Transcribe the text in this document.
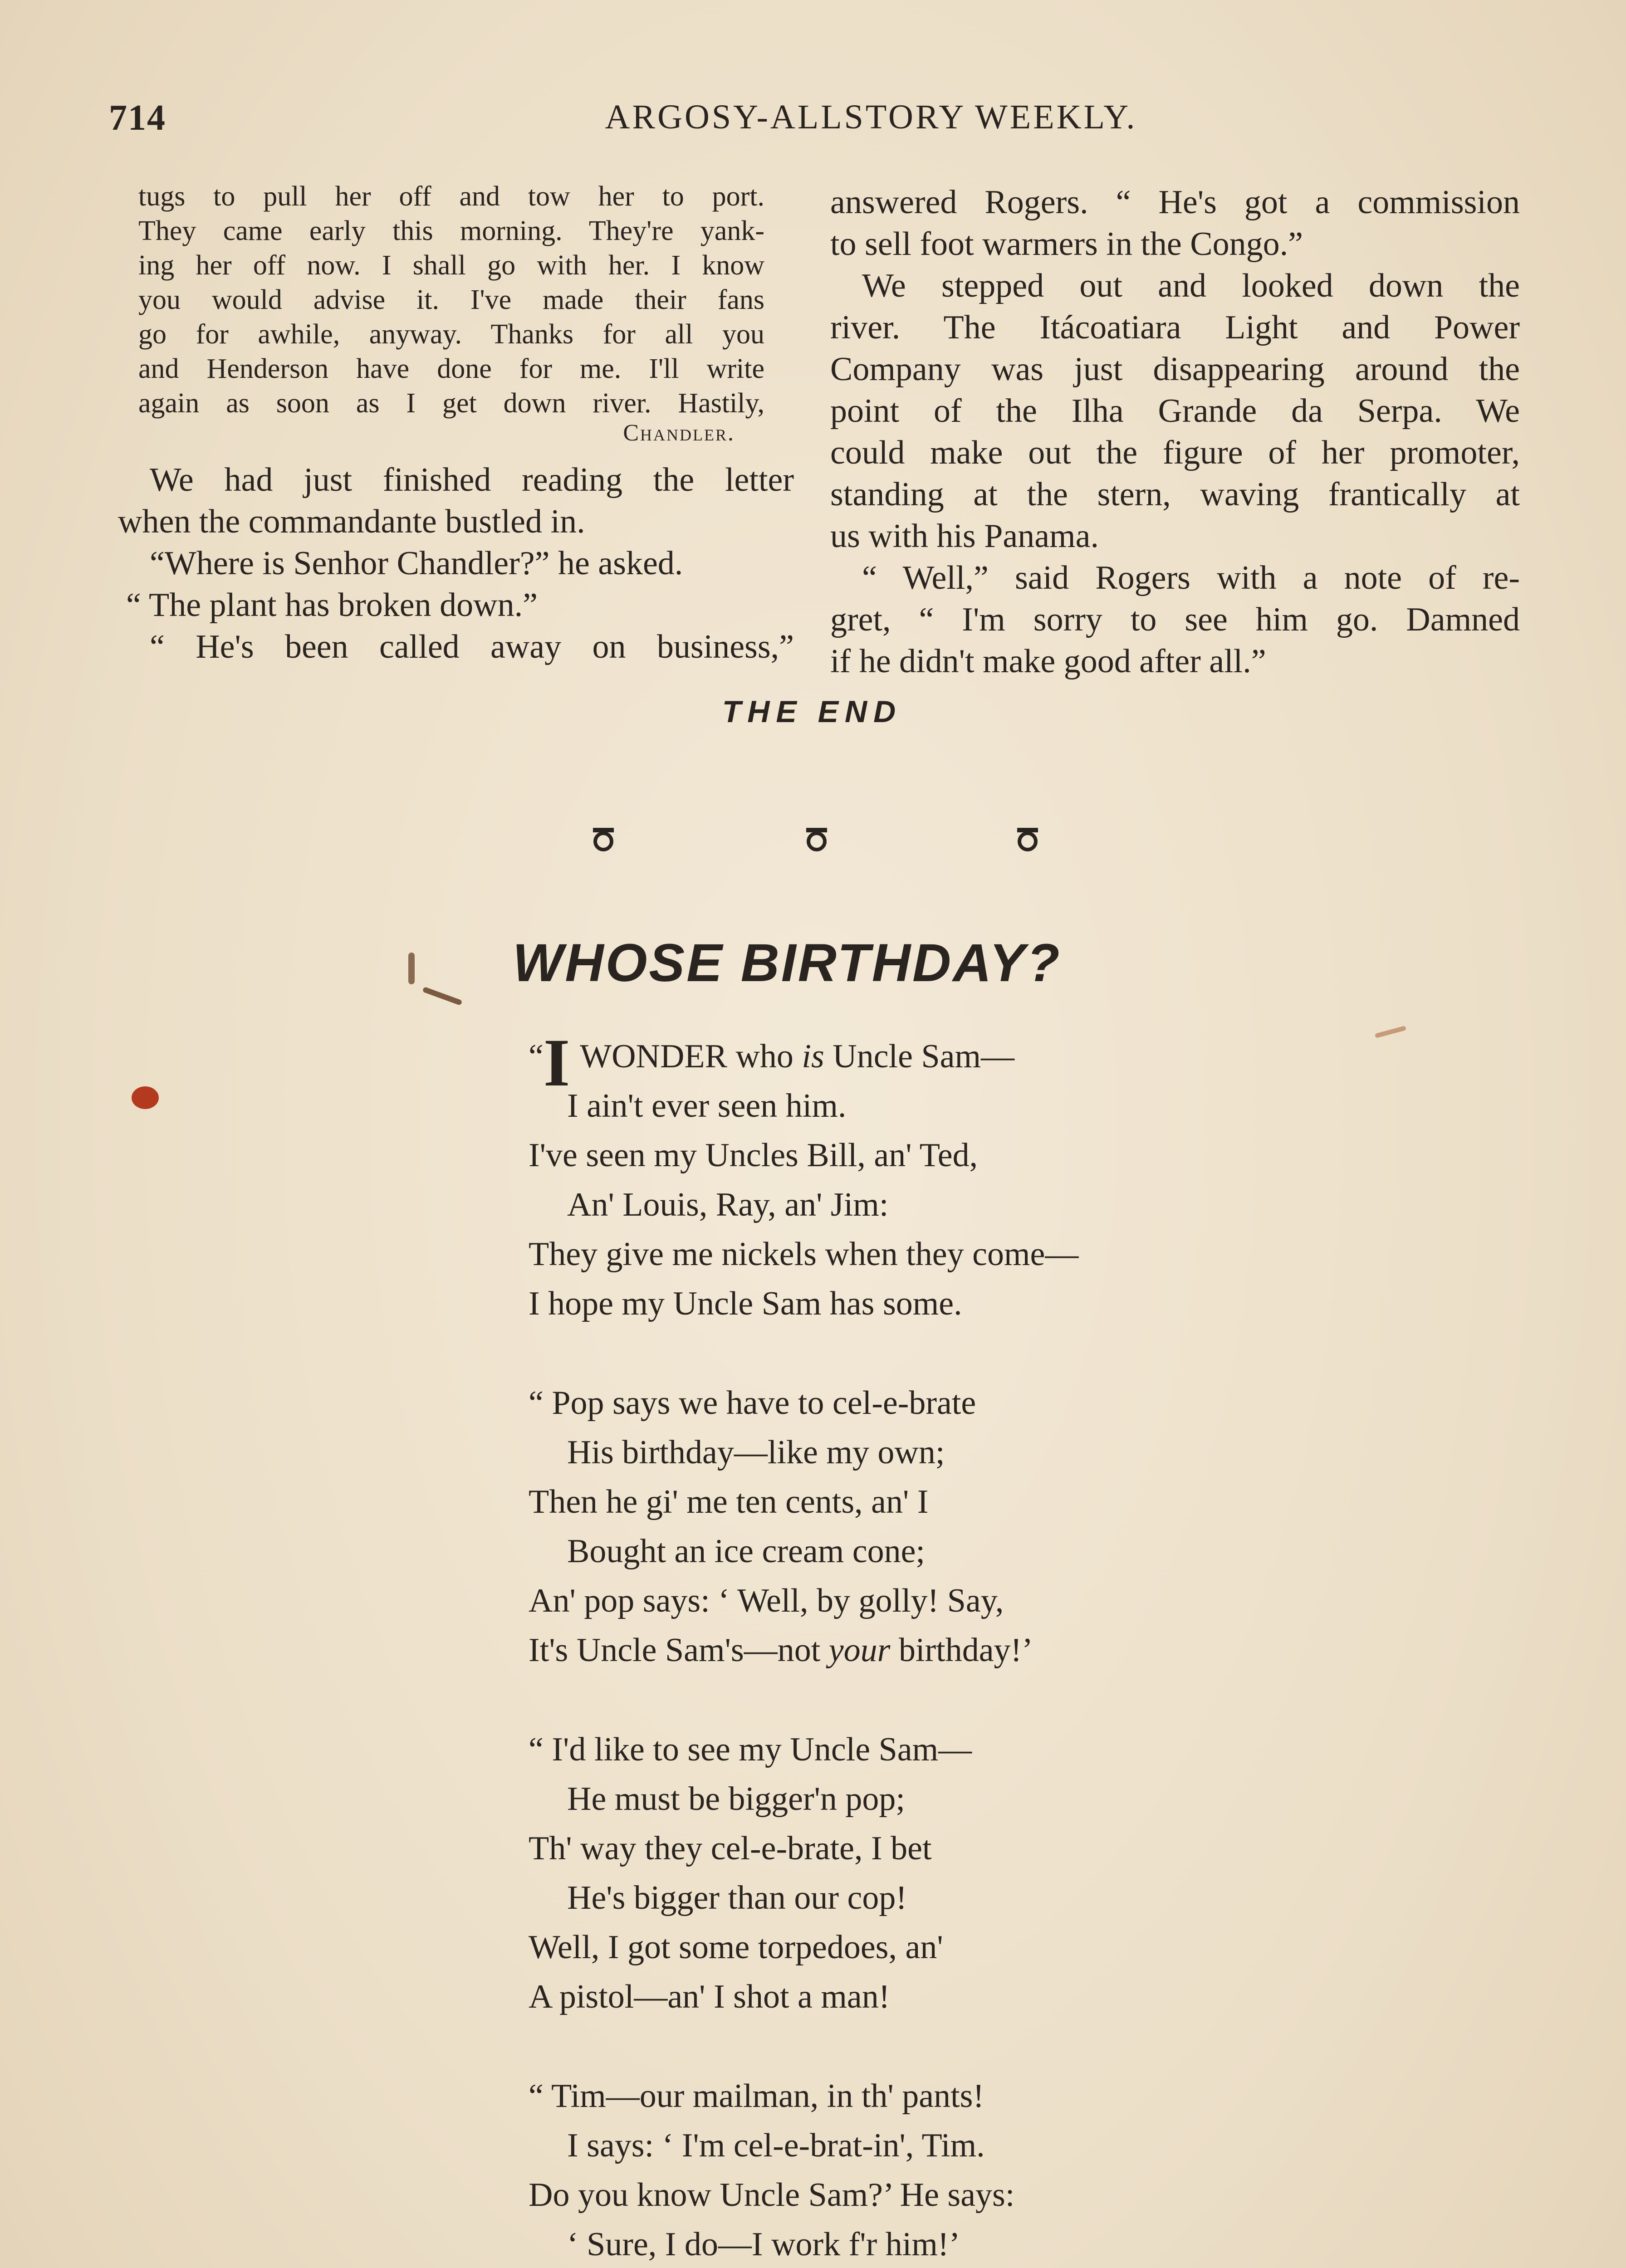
714	ARGOSY-ALLSTORY WEEKLY.

tugs to pull her off and tow her to port.

They came early this morning. They're yank-

ing her off now. I shall go with her. I know

you would advise it. I've made their fans

go for awhile, anyway. Thanks for all you

and Henderson have done for me. I'll write

again as soon as I get down river. Hastily,

Chandler.

We had just finished reading the letter

when the commandante bustled in.

“Where is Senhor Chandler?” he asked.

“ The plant has broken down.”

“ He's been called away on business,”

answered Rogers. “ He's got a commission

to sell foot warmers in the Congo.”

We stepped out and looked down the

river. The Itácoatiara Light and Power

Company was just disappearing around the

point of the Ilha Grande da Serpa. We

could make out the figure of her promoter,

standing at the stern, waving frantically at

us with his Panama.

“ Well,” said Rogers with a note of re-

gret, “ I'm sorry to see him go. Damned

if he didn't make good after all.”

THE END
WHOSE BIRTHDAY?
“I WONDER who is Uncle Sam—
I ain't ever seen him.
I've seen my Uncles Bill, an' Ted,
An' Louis, Ray, an' Jim:
They give me nickels when they come—
I hope my Uncle Sam has some.
“ Pop says we have to cel-e-brate
His birthday—like my own;
Then he gi' me ten cents, an' I
Bought an ice cream cone;
An' pop says: ‘ Well, by golly! Say,
It's Uncle Sam's—not your birthday!’
“ I'd like to see my Uncle Sam—
He must be bigger'n pop;
Th' way they cel-e-brate, I bet
He's bigger than our cop!
Well, I got some torpedoes, an'
A pistol—an' I shot a man!
“ Tim—our mailman, in th' pants!
I says: ‘ I'm cel-e-brat-in', Tim.
Do you know Uncle Sam?’ He says:
‘ Sure, I do—I work f'r him!’
